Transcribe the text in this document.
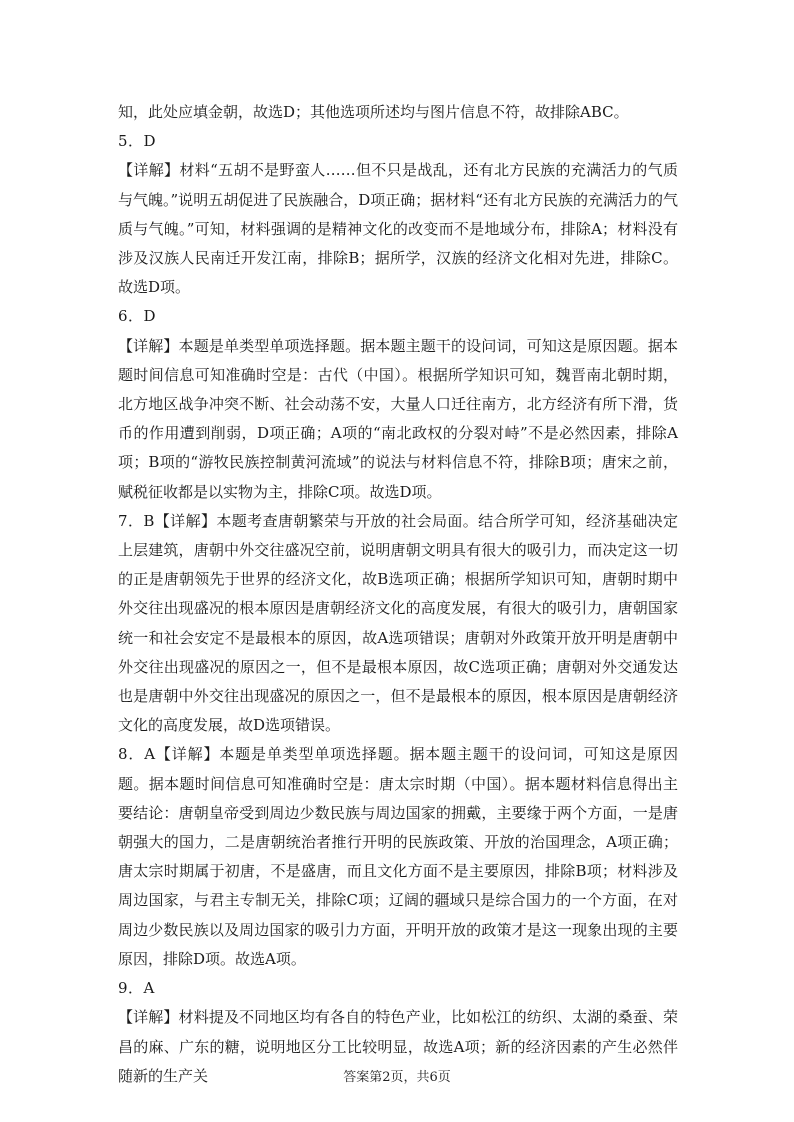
知，此处应填金朝，故选D；其他选项所述均与图片信息不符，故排除ABC。

5．D

【详解】材料“五胡不是野蛮人……但不只是战乱，还有北方民族的充满活力的气质与气魄。”说明五胡促进了民族融合，D项正确；据材料“还有北方民族的充满活力的气质与气魄。”可知，材料强调的是精神文化的改变而不是地域分布，排除A；材料没有涉及汉族人民南迁开发江南，排除B；据所学，汉族的经济文化相对先进，排除C。故选D项。

6．D

【详解】本题是单类型单项选择题。据本题主题干的设问词，可知这是原因题。据本题时间信息可知准确时空是：古代（中国）。根据所学知识可知，魏晋南北朝时期，北方地区战争冲突不断、社会动荡不安，大量人口迁往南方，北方经济有所下滑，货币的作用遭到削弱，D项正确；A项的“南北政权的分裂对峙”不是必然因素，排除A项；B项的“游牧民族控制黄河流域”的说法与材料信息不符，排除B项；唐宋之前，赋税征收都是以实物为主，排除C项。故选D项。

7．B【详解】本题考查唐朝繁荣与开放的社会局面。结合所学可知，经济基础决定上层建筑，唐朝中外交往盛况空前，说明唐朝文明具有很大的吸引力，而决定这一切的正是唐朝领先于世界的经济文化，故B选项正确；根据所学知识可知，唐朝时期中外交往出现盛况的根本原因是唐朝经济文化的高度发展，有很大的吸引力，唐朝国家统一和社会安定不是最根本的原因，故A选项错误；唐朝对外政策开放开明是唐朝中外交往出现盛况的原因之一，但不是最根本原因，故C选项正确；唐朝对外交通发达也是唐朝中外交往出现盛况的原因之一，但不是最根本的原因，根本原因是唐朝经济文化的高度发展，故D选项错误。

8．A【详解】本题是单类型单项选择题。据本题主题干的设问词，可知这是原因题。据本题时间信息可知准确时空是：唐太宗时期（中国）。据本题材料信息得出主要结论：唐朝皇帝受到周边少数民族与周边国家的拥戴，主要缘于两个方面，一是唐朝强大的国力，二是唐朝统治者推行开明的民族政策、开放的治国理念，A项正确；唐太宗时期属于初唐，不是盛唐，而且文化方面不是主要原因，排除B项；材料涉及周边国家，与君主专制无关，排除C项；辽阔的疆域只是综合国力的一个方面，在对周边少数民族以及周边国家的吸引力方面，开明开放的政策才是这一现象出现的主要原因，排除D项。故选A项。

9．A

【详解】材料提及不同地区均有各自的特色产业，比如松江的纺织、太湖的桑蚕、荣昌的麻、广东的糖，说明地区分工比较明显，故选A项；新的经济因素的产生必然伴随新的生产关	答案第2页，共6页
